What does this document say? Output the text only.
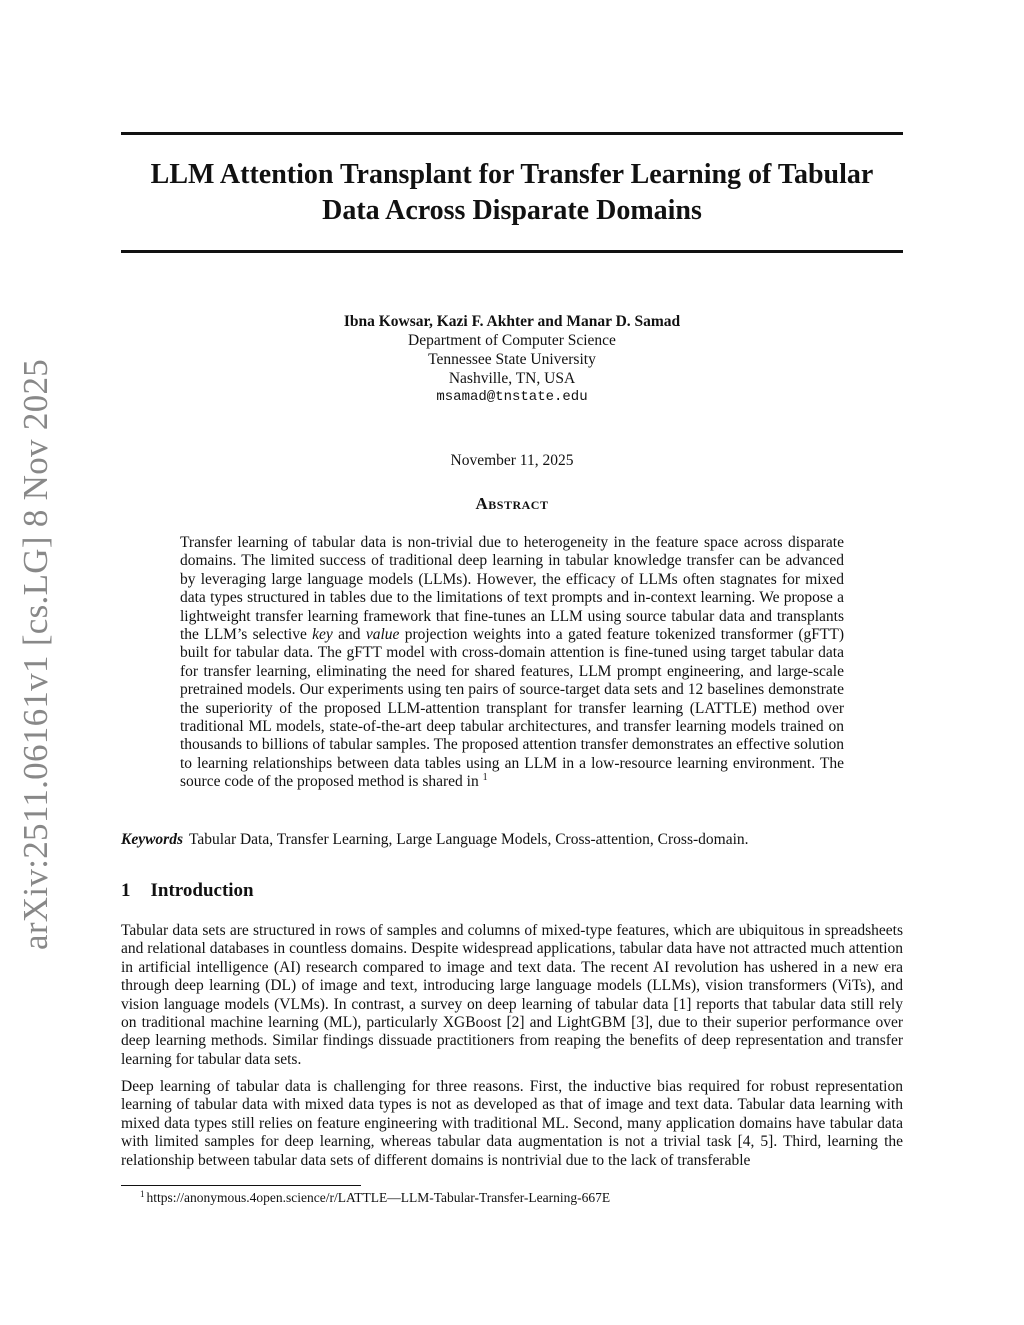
arXiv:2511.06161v1 [cs.LG] 8 Nov 2025
LLM Attention Transplant for Transfer Learning of Tabular
Data Across Disparate Domains
Ibna Kowsar, Kazi F. Akhter and Manar D. Samad
Department of Computer Science
Tennessee State University
Nashville, TN, USA
msamad@tnstate.edu
November 11, 2025
Abstract
Transfer learning of tabular data is non-trivial due to heterogeneity in the feature space across disparate domains. The limited success of traditional deep learning in tabular knowledge transfer can be advanced by leveraging large language models (LLMs). However, the efficacy of LLMs often stagnates for mixed data types structured in tables due to the limitations of text prompts and in-context learning. We propose a lightweight transfer learning framework that fine-tunes an LLM using source tabular data and transplants the LLM’s selective key and value projection weights into a gated feature tokenized transformer (gFTT) built for tabular data. The gFTT model with cross-domain attention is fine-tuned using target tabular data for transfer learning, eliminating the need for shared features, LLM prompt engineering, and large-scale pretrained models. Our experiments using ten pairs of source-target data sets and 12 baselines demonstrate the superiority of the proposed LLM-attention transplant for transfer learning (LATTLE) method over traditional ML models, state-of-the-art deep tabular architectures, and transfer learning models trained on thousands to billions of tabular samples. The proposed attention transfer demonstrates an effective solution to learning relationships between data tables using an LLM in a low-resource learning environment. The source code of the proposed method is shared in $^1$
Keywords Tabular Data, Transfer Learning, Large Language Models, Cross-attention, Cross-domain.
1 Introduction

Tabular data sets are structured in rows of samples and columns of mixed-type features, which are ubiquitous in spreadsheets and relational databases in countless domains. Despite widespread applications, tabular data have not attracted much attention in artificial intelligence (AI) research compared to image and text data. The recent AI revolution has ushered in a new era through deep learning (DL) of image and text, introducing large language models (LLMs), vision transformers (ViTs), and vision language models (VLMs). In contrast, a survey on deep learning of tabular data [1] reports that tabular data still rely on traditional machine learning (ML), particularly XGBoost [2] and LightGBM [3], due to their superior performance over deep learning methods. Similar findings dissuade practitioners from reaping the benefits of deep representation and transfer learning for tabular data sets.

Deep learning of tabular data is challenging for three reasons. First, the inductive bias required for robust representation learning of tabular data with mixed data types is not as developed as that of image and text data. Tabular data learning with mixed data types still relies on feature engineering with traditional ML. Second, many application domains have tabular data with limited samples for deep learning, whereas tabular data augmentation is not a trivial task [4, 5]. Third, learning the relationship between tabular data sets of different domains is nontrivial due to the lack of transferable

$^1$ https://anonymous.4open.science/r/LATTLE—LLM-Tabular-Transfer-Learning-667E
